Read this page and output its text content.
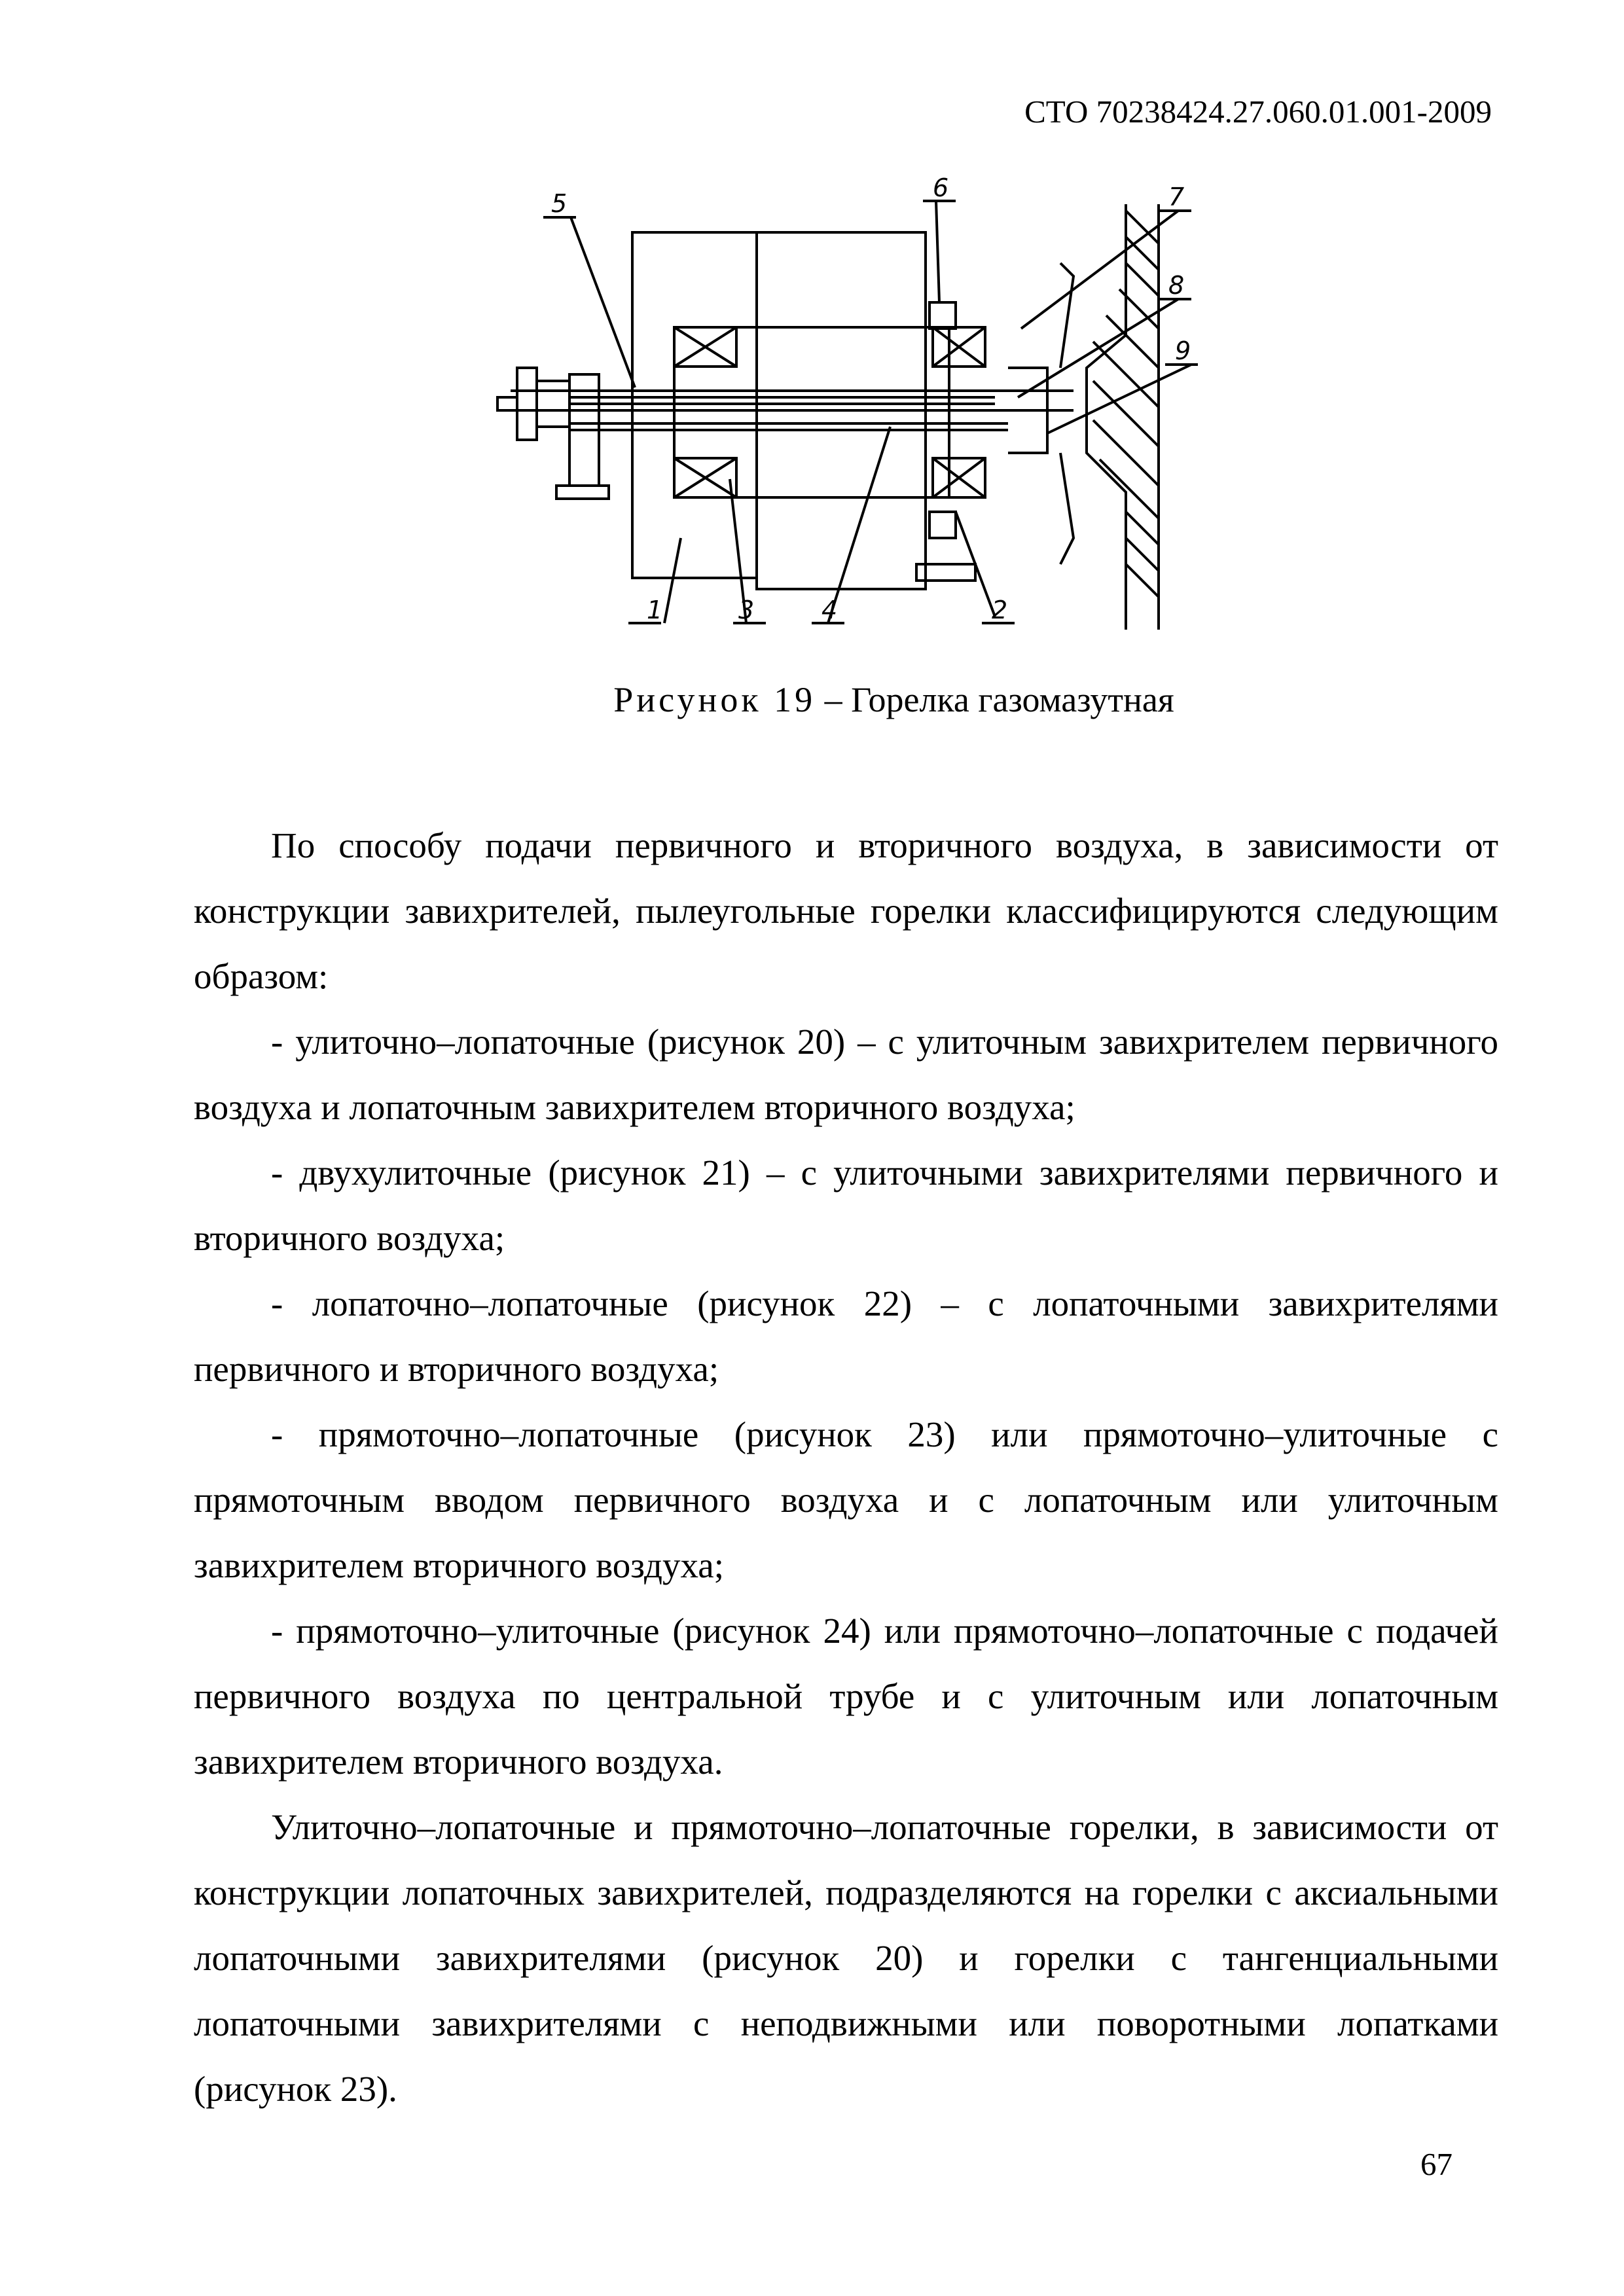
СТО 70238424.27.060.01.001-2009
1	2
3	4
5
6	7
8
9
Рисунок 19 – Горелка газомазутная

По способу подачи первичного и вторичного воздуха, в зависимости от конструкции завихрителей, пылеугольные горелки классифицируются следующим образом:

- улиточно–лопаточные (рисунок 20) – с улиточным завихрителем первичного воздуха и лопаточным завихрителем вторичного воздуха;

- двухулиточные (рисунок 21) – с улиточными завихрителями первичного и вторичного воздуха;

- лопаточно–лопаточные (рисунок 22) – с лопаточными завихрителями первичного и вторичного воздуха;

- прямоточно–лопаточные (рисунок 23) или прямоточно–улиточные с прямоточным вводом первичного воздуха и с лопаточным или улиточным завихрителем вторичного воздуха;

- прямоточно–улиточные (рисунок 24) или прямоточно–лопаточные с подачей первичного воздуха по центральной трубе и с улиточным или лопаточным завихрителем вторичного воздуха.

Улиточно–лопаточные и прямоточно–лопаточные горелки, в зависимости от конструкции лопаточных завихрителей, подразделяются на горелки с аксиальными лопаточными завихрителями (рисунок 20) и горелки с тангенциальными лопаточными завихрителями с неподвижными или поворотными лопатками (рисунок 23).

67
